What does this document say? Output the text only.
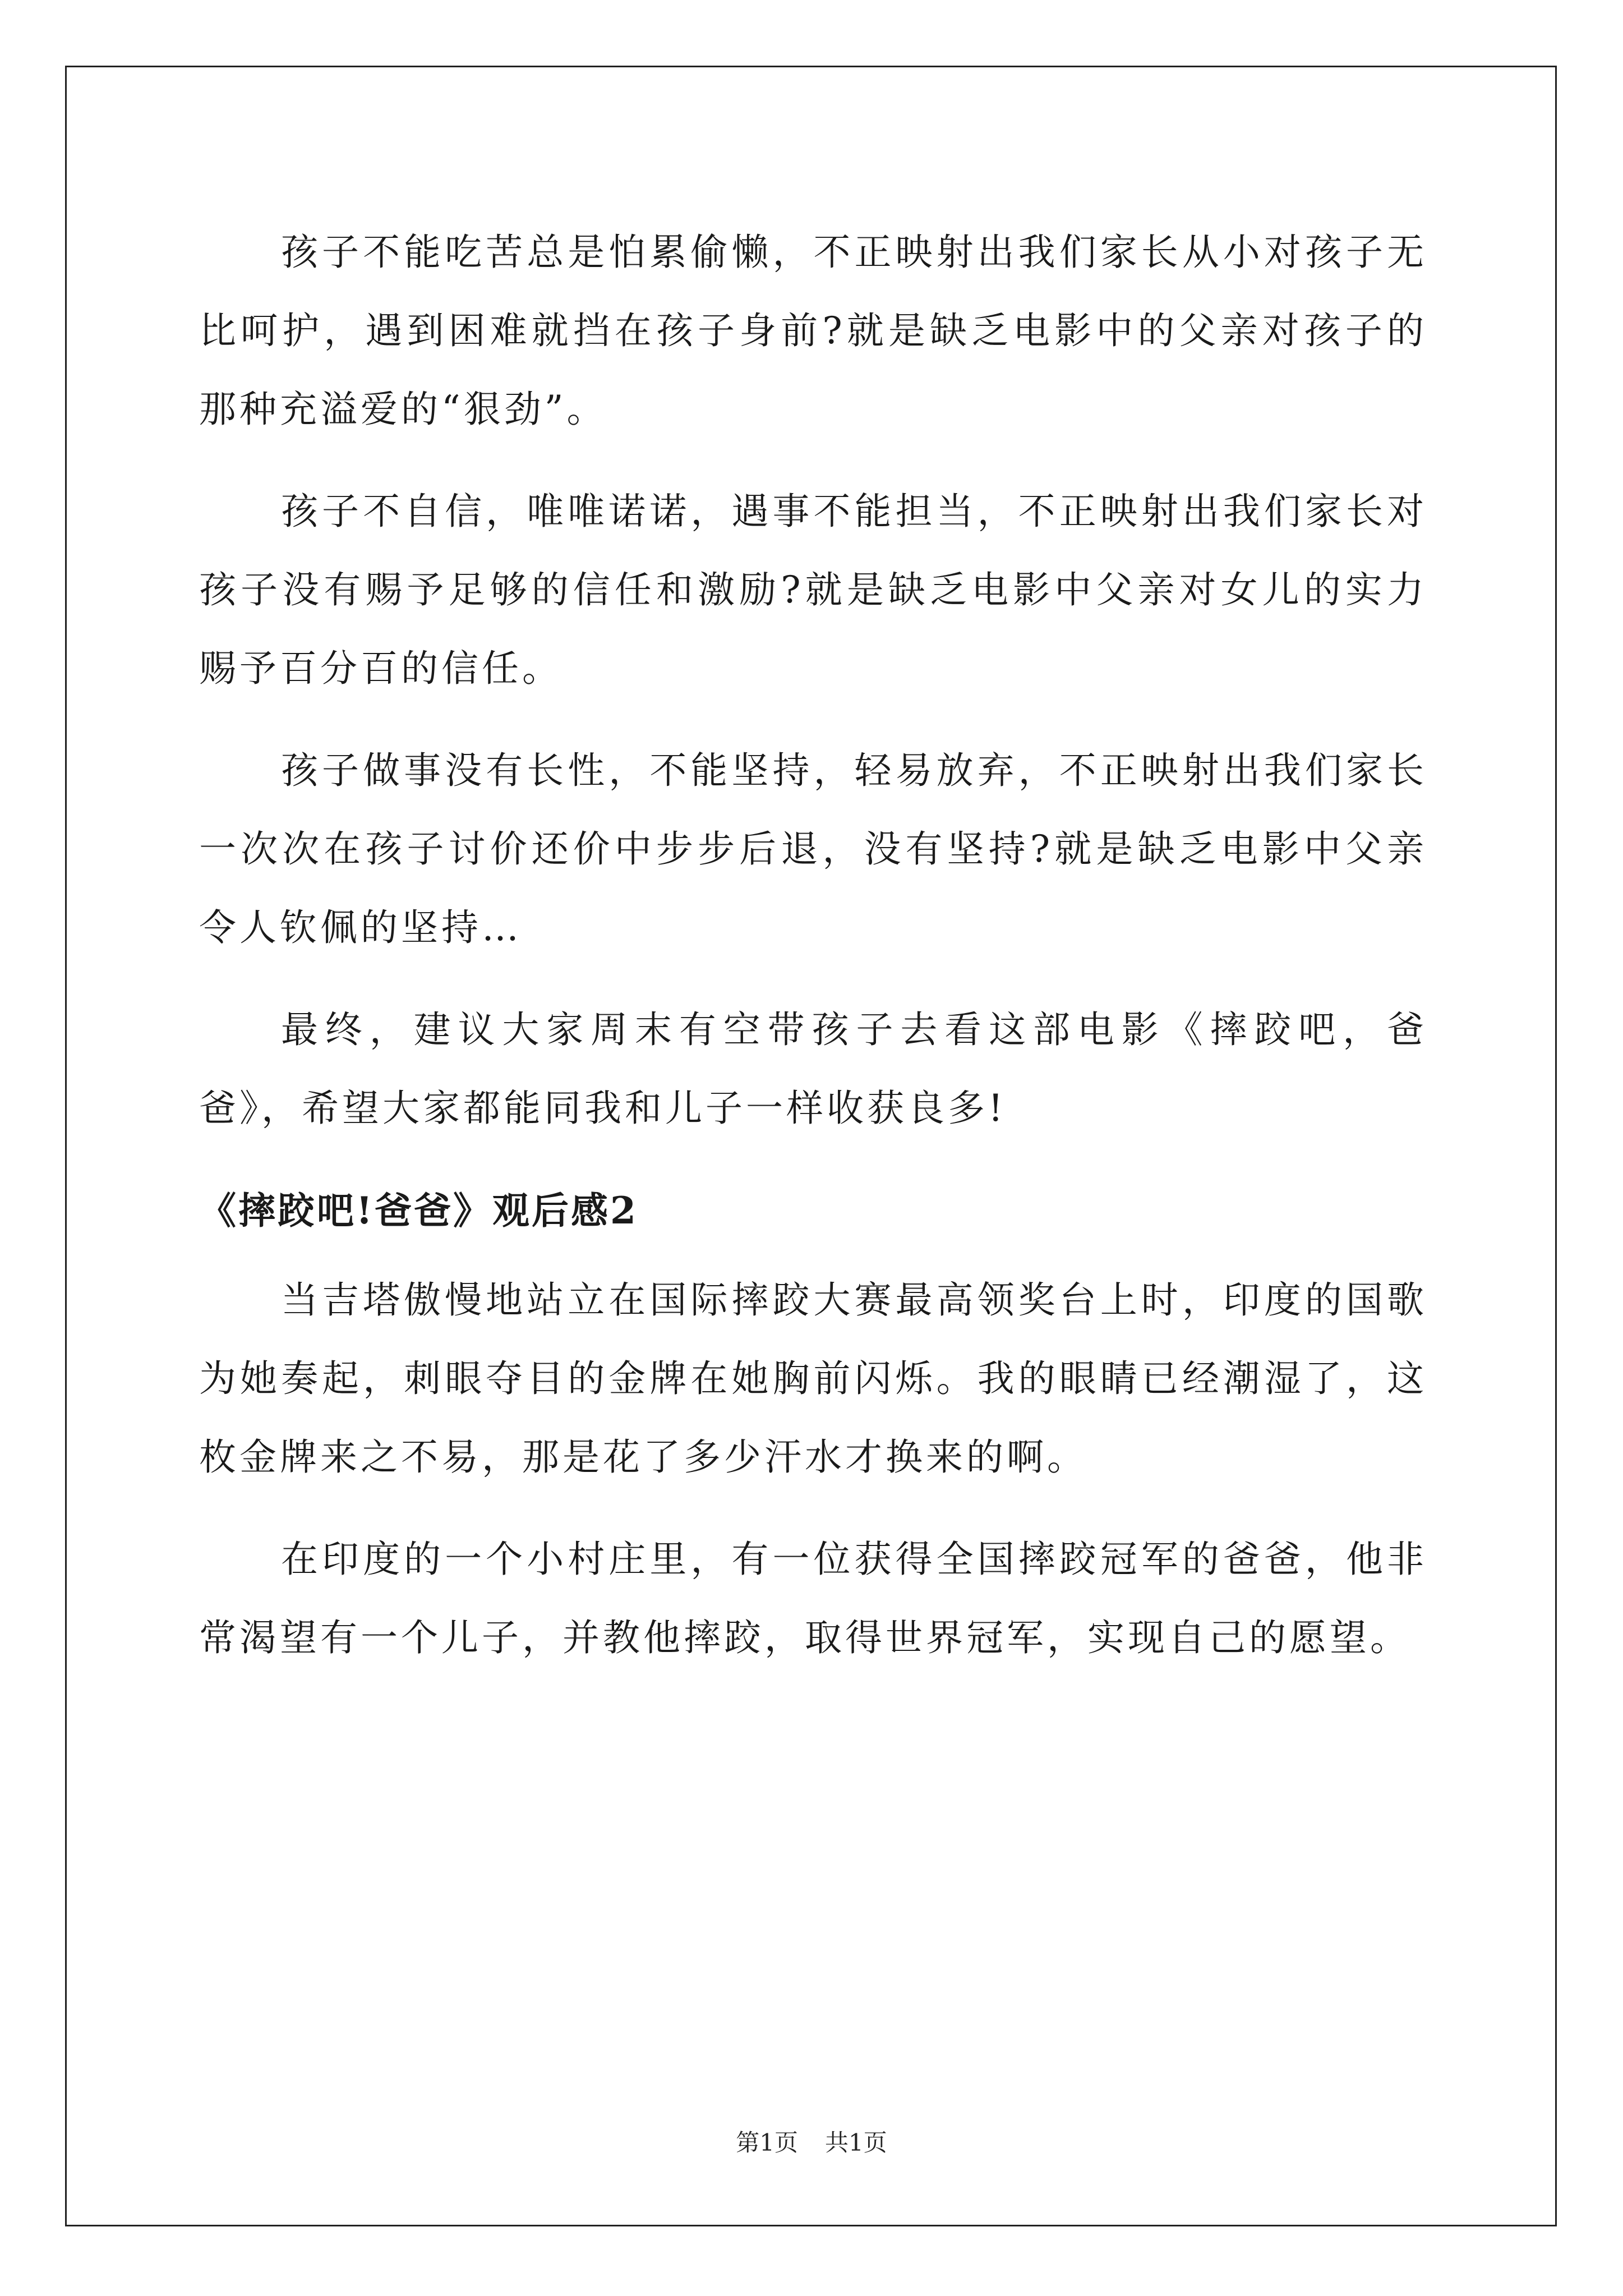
孩子不能吃苦总是怕累偷懒，不正映射出我们家长从小对孩子无比呵护，遇到困难就挡在孩子身前?就是缺乏电影中的父亲对孩子的那种充溢爱的“狠劲”。

孩子不自信，唯唯诺诺，遇事不能担当，不正映射出我们家长对孩子没有赐予足够的信任和激励?就是缺乏电影中父亲对女儿的实力赐予百分百的信任。

孩子做事没有长性，不能坚持，轻易放弃，不正映射出我们家长一次次在孩子讨价还价中步步后退，没有坚持?就是缺乏电影中父亲令人钦佩的坚持…

最终，建议大家周末有空带孩子去看这部电影《摔跤吧，爸爸》，希望大家都能同我和儿子一样收获良多!

《摔跤吧!爸爸》观后感2

当吉塔傲慢地站立在国际摔跤大赛最高领奖台上时，印度的国歌为她奏起，刺眼夺目的金牌在她胸前闪烁。我的眼睛已经潮湿了，这枚金牌来之不易，那是花了多少汗水才换来的啊。

在印度的一个小村庄里，有一位获得全国摔跤冠军的爸爸，他非常渴望有一个儿子，并教他摔跤，取得世界冠军，实现自己的愿望。

第1页 共1页
